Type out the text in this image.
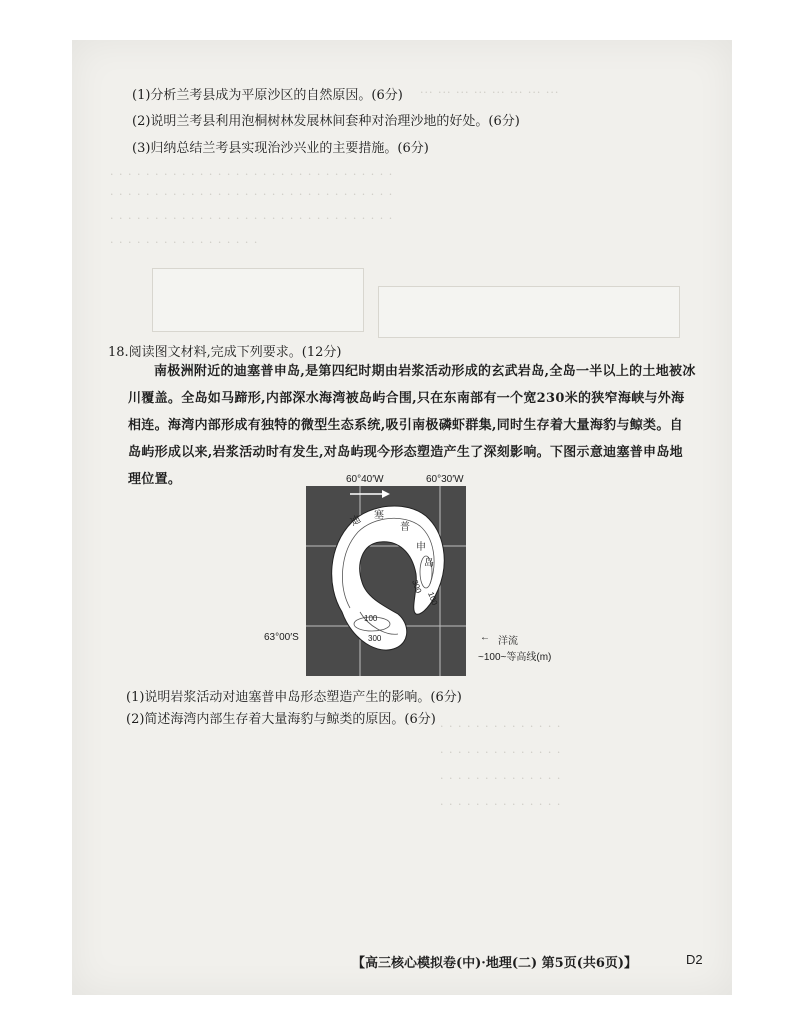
··· ··· ··· ··· ··· ··· ··· ···
· · · · · · · · · · · · · · · · · · · · · · · · · · · · · · · ·
· · · · · · · · · · · · · · · · · · · · · · · · · · · · · · · ·
· · · · · · · · · · · · · · · · · · · · · · · · · · · · · · · ·
· · · · · · · · · · · · · · · · ·
(1)分析兰考县成为平原沙区的自然原因。(6分)
(2)说明兰考县利用泡桐树林发展林间套种对治理沙地的好处。(6分)
(3)归纳总结兰考县实现治沙兴业的主要措施。(6分)
18.阅读图文材料,完成下列要求。(12分)
南极洲附近的迪塞普申岛,是第四纪时期由岩浆活动形成的玄武岩岛,全岛一半以上的土地被冰川覆盖。全岛如马蹄形,内部深水海湾被岛屿合围,只在东南部有一个宽230米的狭窄海峡与外海相连。海湾内部形成有独特的微型生态系统,吸引南极磷虾群集,同时生存着大量海豹与鲸类。自岛屿形成以来,岩浆活动时有发生,对岛屿现今形态塑造产生了深刻影响。下图示意迪塞普申岛地理位置。
迪 塞
普
申
岛
300
100
100
300
60°40′W	60°30′W
63°00′S	← 洋流
~100~等高线(m)
(1)说明岩浆活动对迪塞普申岛形态塑造产生的影响。(6分)
(2)简述海湾内部生存着大量海豹与鲸类的原因。(6分) · · · · · · · · · · · · · ·
· · · · · · · · · · · · · ·
· · · · · · · · · · · · · ·
· · · · · · · · · · · · · ·
【高三核心模拟卷(中)·地理(二) 第5页(共6页)】	D2
